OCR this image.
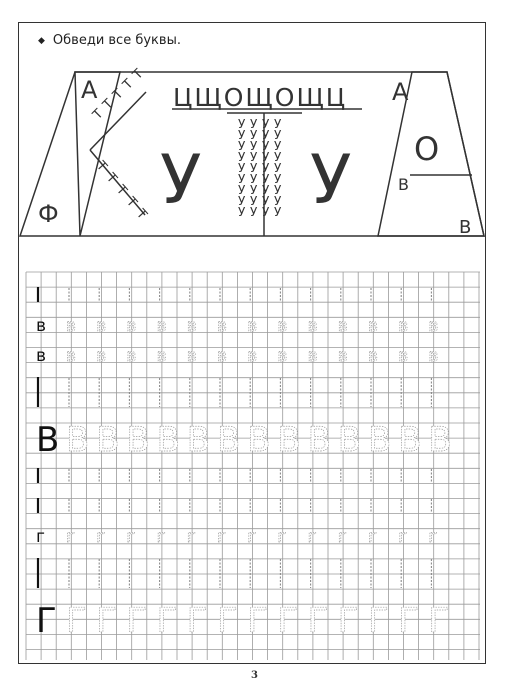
◆ Обведи все буквы.
А
Ф
ЦЩОЩОЩЦ
У У
А
О
В
В
Т
Т
Т
Т
Т
Т
Т
Т
Т
Т
У
У
У
У
У
У
У
У
У
У
У
У
У
У
У
У
У
У
У
У
У
У
У
У
У
У
У
У
У
У
У
У
У
У
У
У
в в в в в в в в в в в в в в
в в в в в в в в в в в в в в
В В В В В В В В В В В В В В
г г г г г г г г г г г г г г
Г Г Г Г Г Г Г Г Г Г Г Г Г Г
3
